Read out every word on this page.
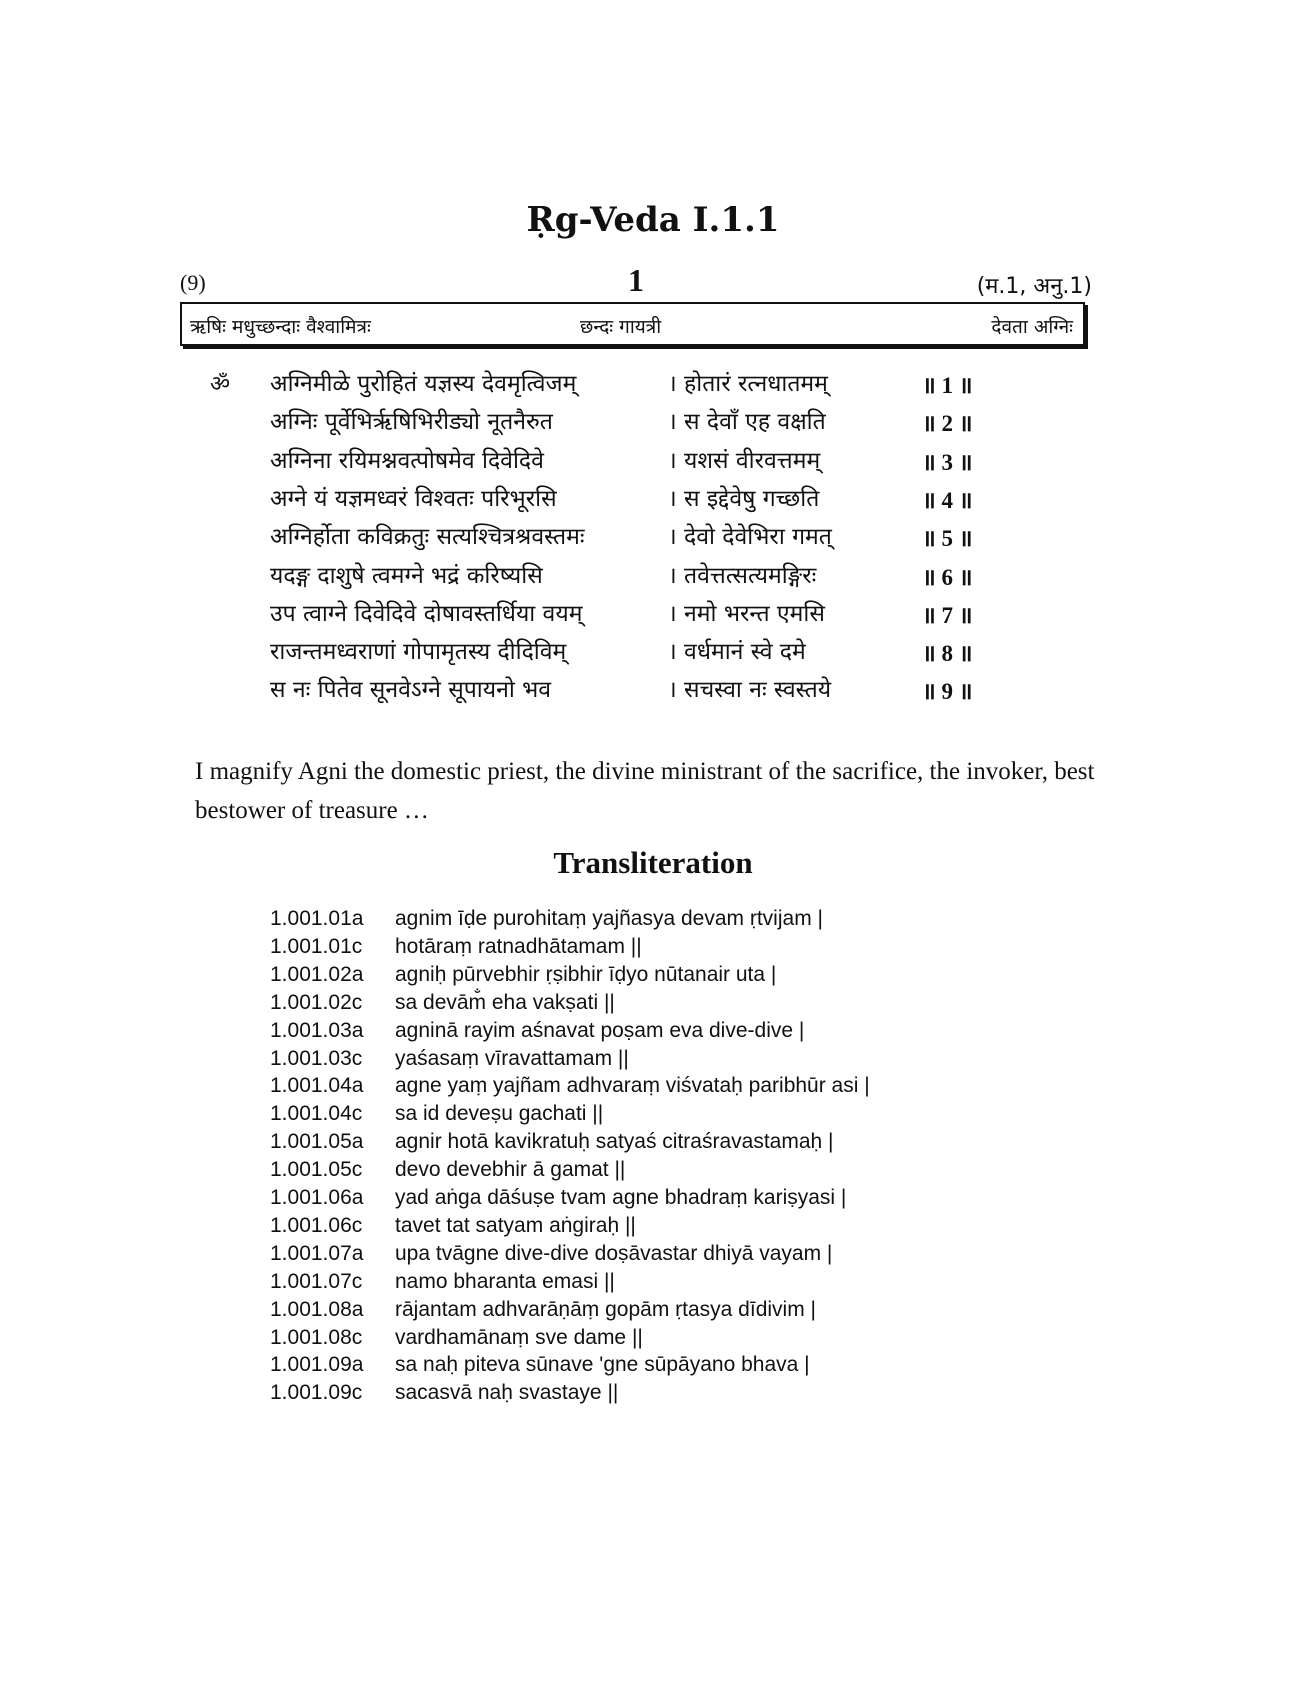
Ṛg-Veda I.1.1
(9)	1	(म.1, अनु.1)
ऋषिः मधुच्छन्दाः वैश्वामित्रः	छन्दः गायत्री	देवता अग्निः
ॐ अग्निमीळे पुरोहितं यज्ञस्य देवमृत्विजम्	। होतारं रत्नधातमम्	॥ 1 ॥
अग्निः पूर्वेभिर्ऋषिभिरीड्यो नूतनैरुत	। स देवाँ एह वक्षति	॥ 2 ॥
अग्निना रयिमश्नवत्पोषमेव दिवेदिवे	। यशसं वीरवत्तमम्	॥ 3 ॥
अग्ने यं यज्ञमध्वरं विश्वतः परिभूरसि	। स इद्देवेषु गच्छति	॥ 4 ॥
अग्निर्होता कविक्रतुः सत्यश्चित्रश्रवस्तमः	। देवो देवेभिरा गमत्	॥ 5 ॥
यदङ्ग दाशुषे त्वमग्ने भद्रं करिष्यसि	। तवेत्तत्सत्यमङ्गिरः	॥ 6 ॥
उप त्वाग्ने दिवेदिवे दोषावस्तर्धिया वयम्	। नमो भरन्त एमसि	॥ 7 ॥
राजन्तमध्वराणां गोपामृतस्य दीदिविम्	। वर्धमानं स्वे दमे	॥ 8 ॥
स नः पितेव सूनवेऽग्ने सूपायनो भव	। सचस्वा नः स्वस्तये	॥ 9 ॥
I magnify Agni the domestic priest, the divine ministrant of the sacrifice, the invoker, best bestower of treasure …
Transliteration
1.001.01a agnim īḍe purohitaṃ yajñasya devam ṛtvijam |
1.001.01c hotāraṃ ratnadhātamam ||
1.001.02a agniḥ pūrvebhir ṛṣibhir īḍyo nūtanair uta |
1.001.02c sa devām̐ eha vakṣati ||
1.001.03a agninā rayim aśnavat poṣam eva dive-dive |
1.001.03c yaśasaṃ vīravattamam ||
1.001.04a agne yaṃ yajñam adhvaraṃ viśvataḥ paribhūr asi |
1.001.04c sa id deveṣu gachati ||
1.001.05a agnir hotā kavikratuḥ satyaś citraśravastamaḥ |
1.001.05c devo devebhir ā gamat ||
1.001.06a yad aṅga dāśuṣe tvam agne bhadraṃ kariṣyasi |
1.001.06c tavet tat satyam aṅgiraḥ ||
1.001.07a upa tvāgne dive-dive doṣāvastar dhiyā vayam |
1.001.07c namo bharanta emasi ||
1.001.08a rājantam adhvarāṇāṃ gopām ṛtasya dīdivim |
1.001.08c vardhamānaṃ sve dame ||
1.001.09a sa naḥ piteva sūnave 'gne sūpāyano bhava |
1.001.09c sacasvā naḥ svastaye ||
